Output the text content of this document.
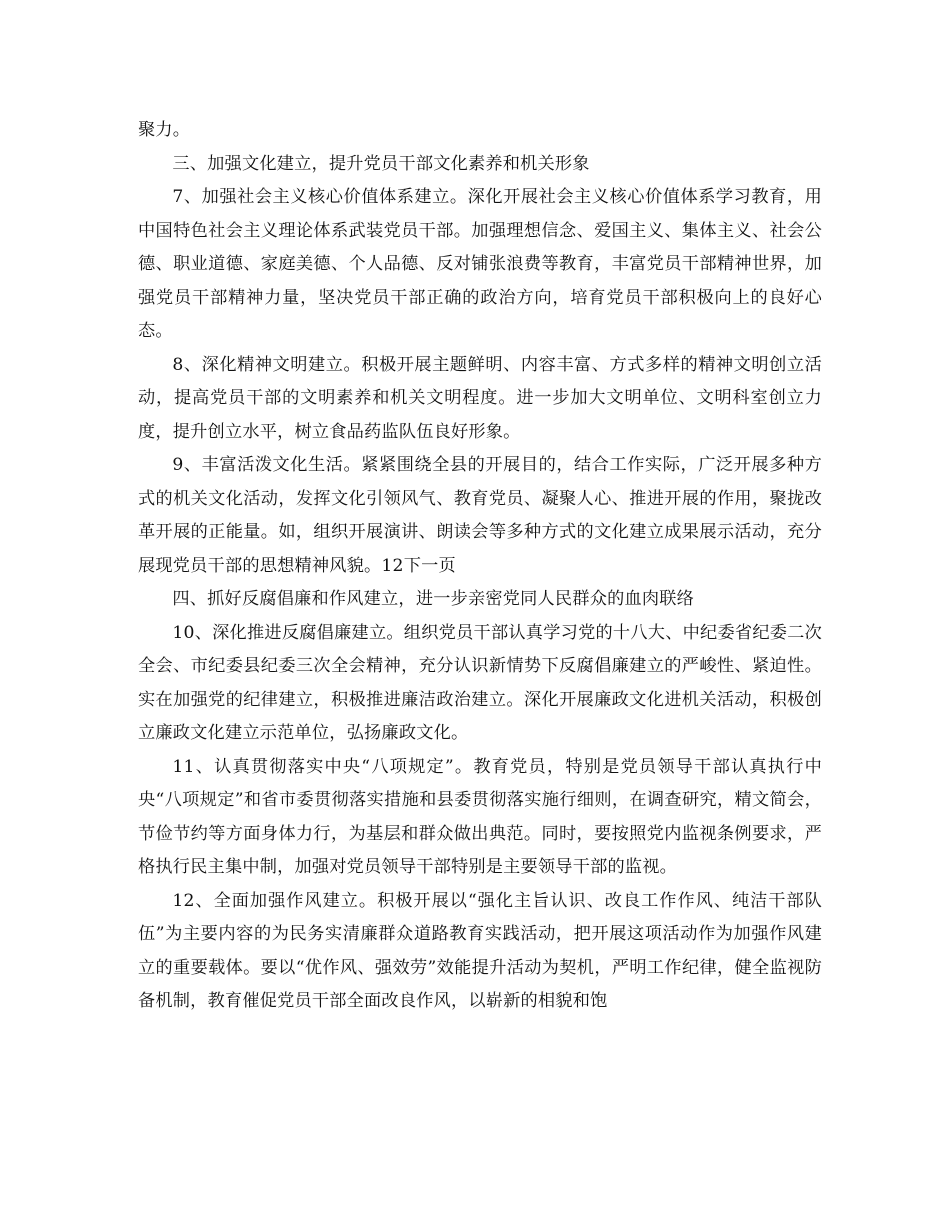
聚力。

三、加强文化建立，提升党员干部文化素养和机关形象

7、加强社会主义核心价值体系建立。深化开展社会主义核心价值体系学习教育，用中国特色社会主义理论体系武装党员干部。加强理想信念、爱国主义、集体主义、社会公德、职业道德、家庭美德、个人品德、反对铺张浪费等教育，丰富党员干部精神世界，加强党员干部精神力量，坚决党员干部正确的政治方向，培育党员干部积极向上的良好心态。

8、深化精神文明建立。积极开展主题鲜明、内容丰富、方式多样的精神文明创立活动，提高党员干部的文明素养和机关文明程度。进一步加大文明单位、文明科室创立力度，提升创立水平，树立食品药监队伍良好形象。

9、丰富活泼文化生活。紧紧围绕全县的开展目的，结合工作实际，广泛开展多种方式的机关文化活动，发挥文化引领风气、教育党员、凝聚人心、推进开展的作用，聚拢改革开展的正能量。如，组织开展演讲、朗读会等多种方式的文化建立成果展示活动，充分展现党员干部的思想精神风貌。12下一页

四、抓好反腐倡廉和作风建立，进一步亲密党同人民群众的血肉联络

10、深化推进反腐倡廉建立。组织党员干部认真学习党的十八大、中纪委省纪委二次全会、市纪委县纪委三次全会精神，充分认识新情势下反腐倡廉建立的严峻性、紧迫性。实在加强党的纪律建立，积极推进廉洁政治建立。深化开展廉政文化进机关活动，积极创立廉政文化建立示范单位，弘扬廉政文化。

11、认真贯彻落实中央“八项规定”。教育党员，特别是党员领导干部认真执行中央“八项规定”和省市委贯彻落实措施和县委贯彻落实施行细则，在调查研究，精文简会，节俭节约等方面身体力行，为基层和群众做出典范。同时，要按照党内监视条例要求，严格执行民主集中制，加强对党员领导干部特别是主要领导干部的监视。

12、全面加强作风建立。积极开展以“强化主旨认识、改良工作作风、纯洁干部队伍”为主要内容的为民务实清廉群众道路教育实践活动，把开展这项活动作为加强作风建立的重要载体。要以“优作风、强效劳”效能提升活动为契机，严明工作纪律，健全监视防备机制，教育催促党员干部全面改良作风，以崭新的相貌和饱
